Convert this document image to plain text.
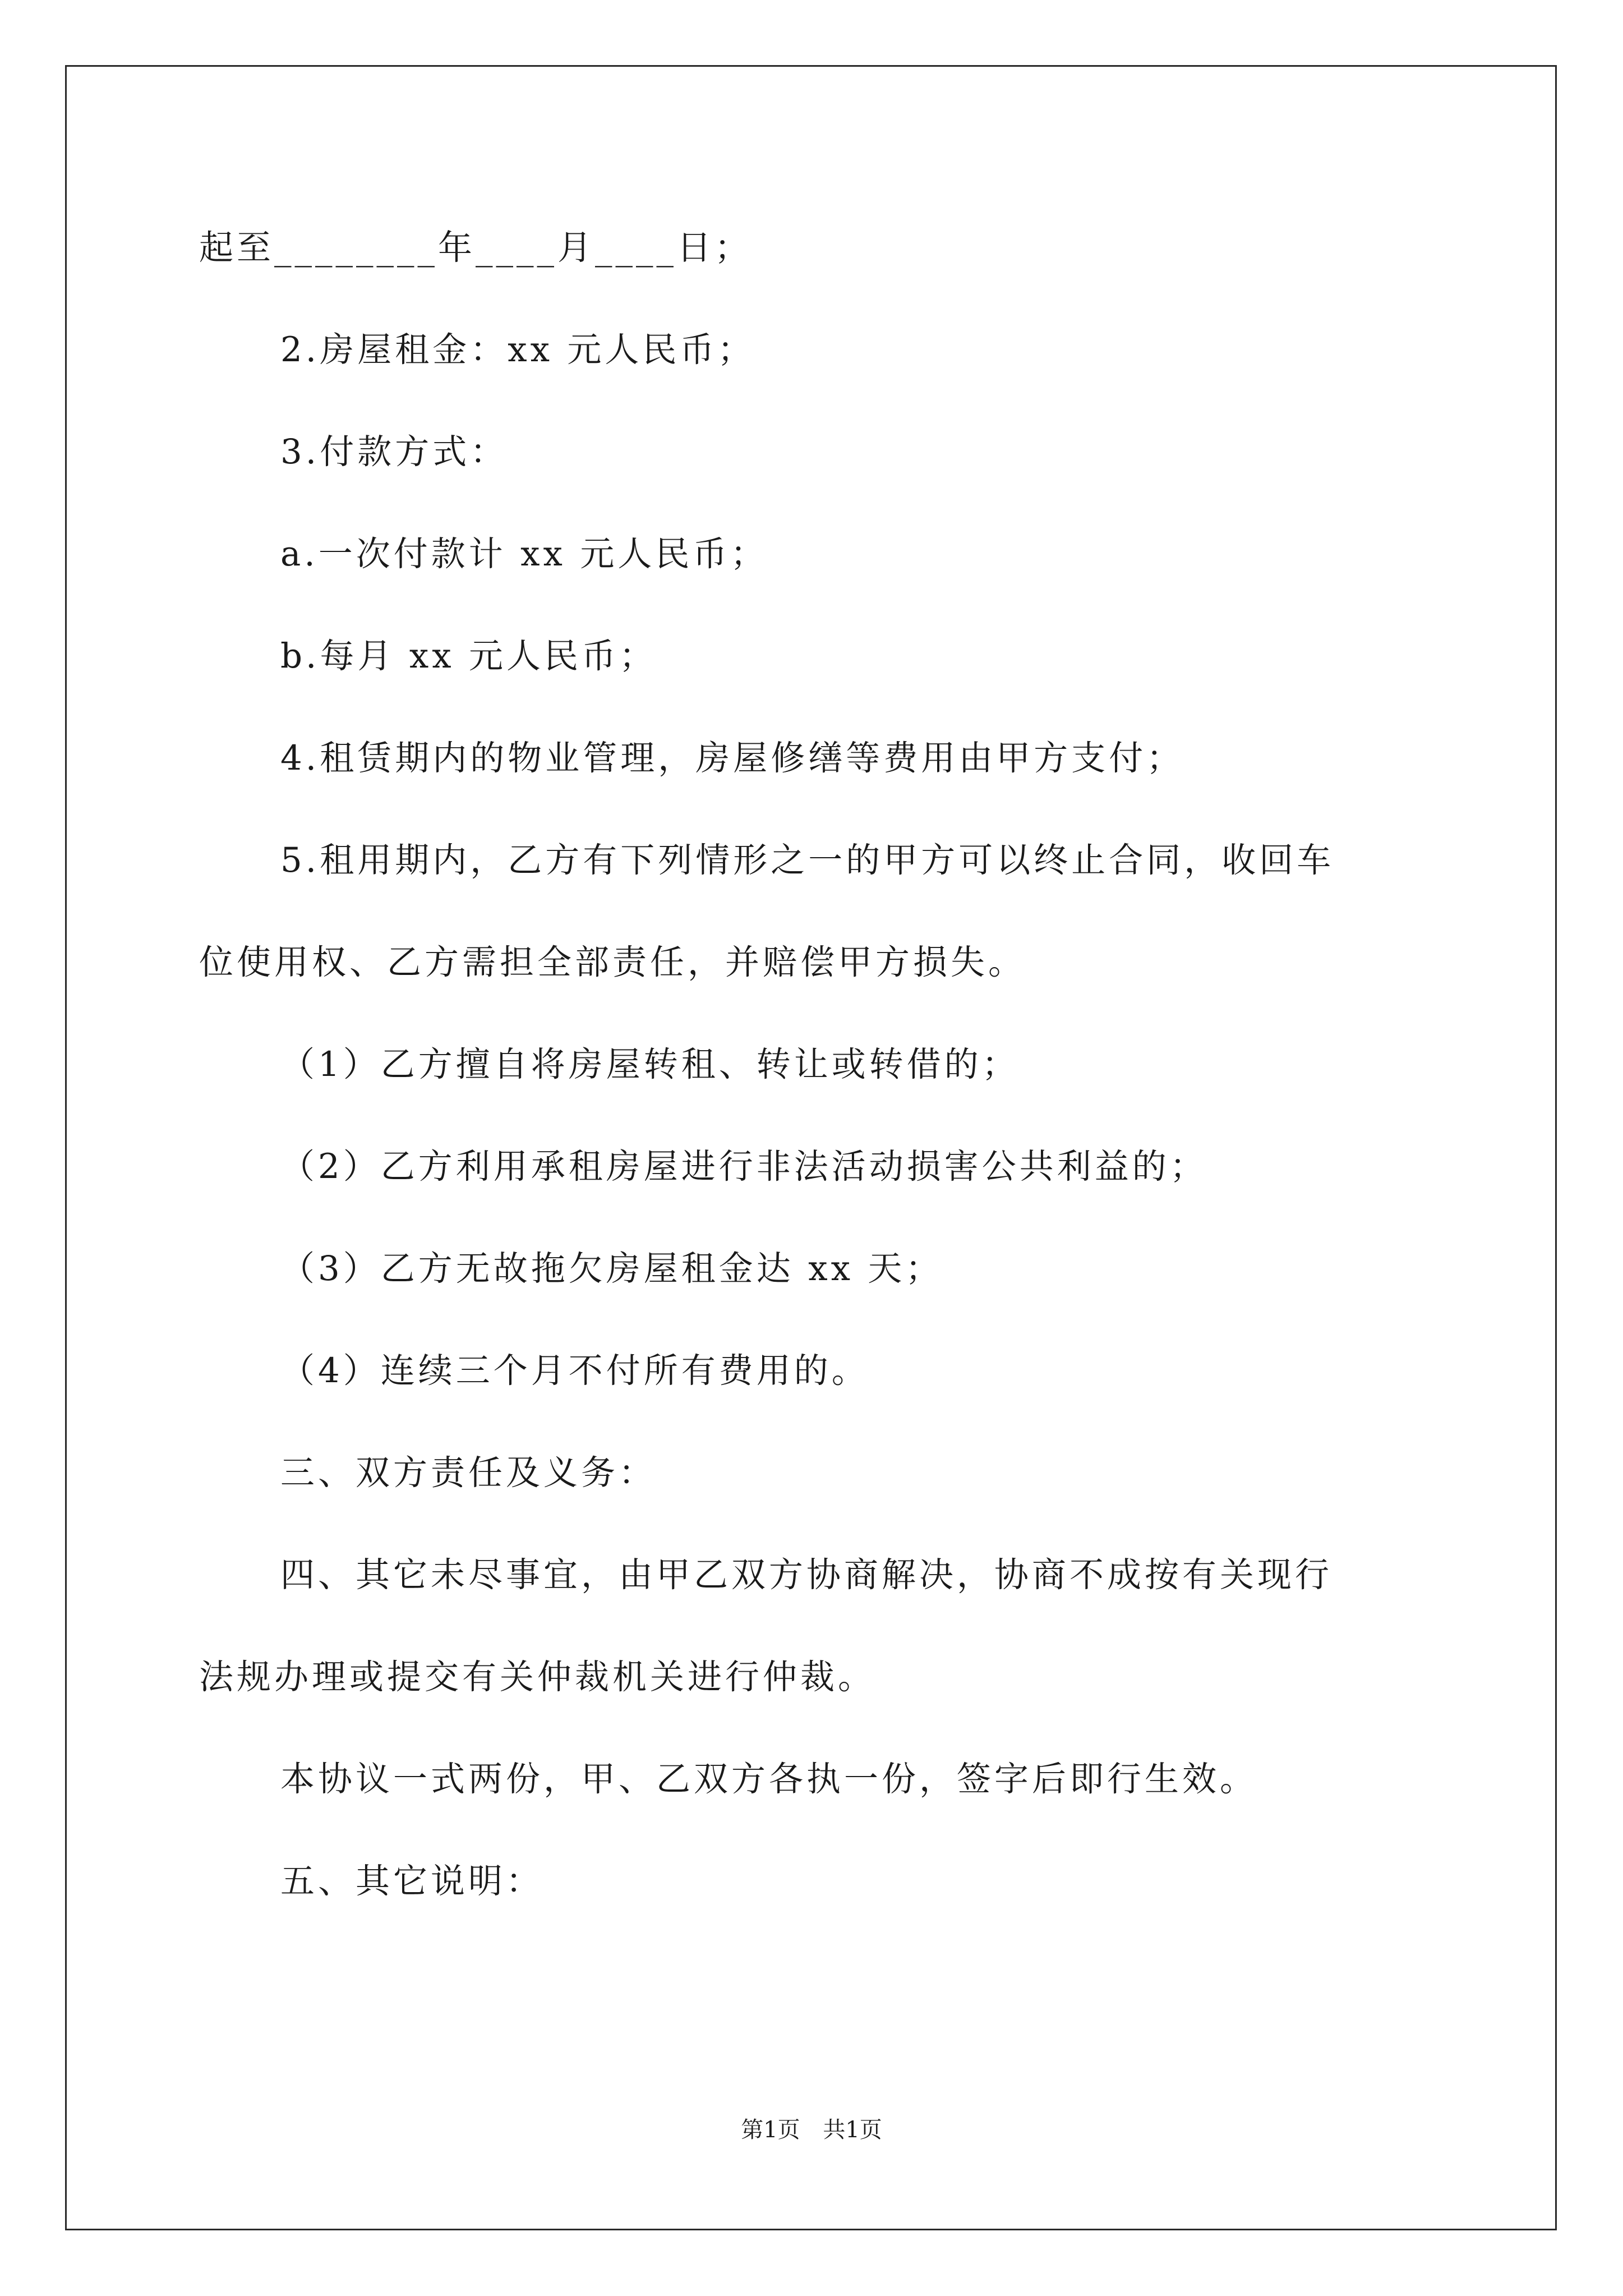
起至________年____月____日；
2.房屋租金：xx 元人民币；
3.付款方式：
a.一次付款计 xx 元人民币；
b.每月 xx 元人民币；
4.租赁期内的物业管理，房屋修缮等费用由甲方支付；
5.租用期内，乙方有下列情形之一的甲方可以终止合同，收回车
位使用权、乙方需担全部责任，并赔偿甲方损失。
（1）乙方擅自将房屋转租、转让或转借的；
（2）乙方利用承租房屋进行非法活动损害公共利益的；
（3）乙方无故拖欠房屋租金达 xx 天；
（4）连续三个月不付所有费用的。
三、双方责任及义务：
四、其它未尽事宜，由甲乙双方协商解决，协商不成按有关现行
法规办理或提交有关仲裁机关进行仲裁。
本协议一式两份，甲、乙双方各执一份，签字后即行生效。
五、其它说明：
第1页 共1页
